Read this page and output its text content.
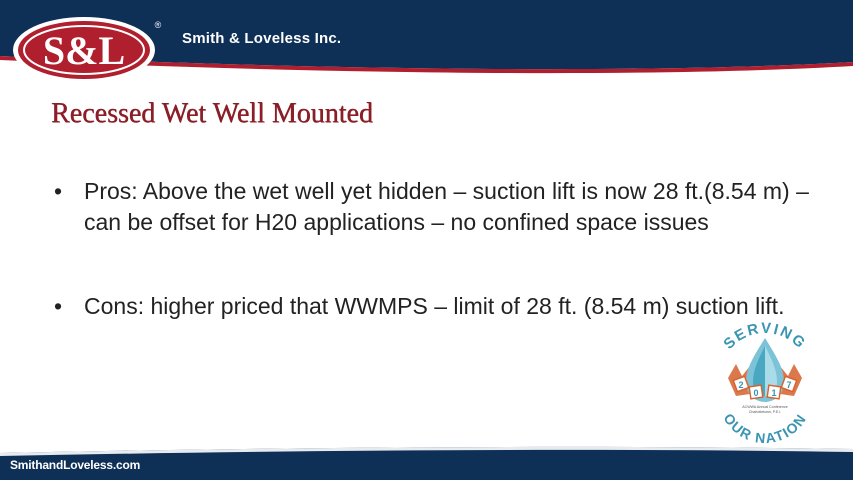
S&L
®
Smith & Loveless Inc.
Recessed Wet Well Mounted
• Pros: Above the wet well yet hidden – suction lift is now 28 ft.(8.54 m) – can be offset for H20 applications – no confined space issues
• Cons: higher priced that WWMPS – limit of 28 ft. (8.54 m) suction lift.
SERVING
2
0 1
7
ACWWA Annual Conference
Charlottetown, P.E.I.
OUR NATION
SmithandLoveless.com
